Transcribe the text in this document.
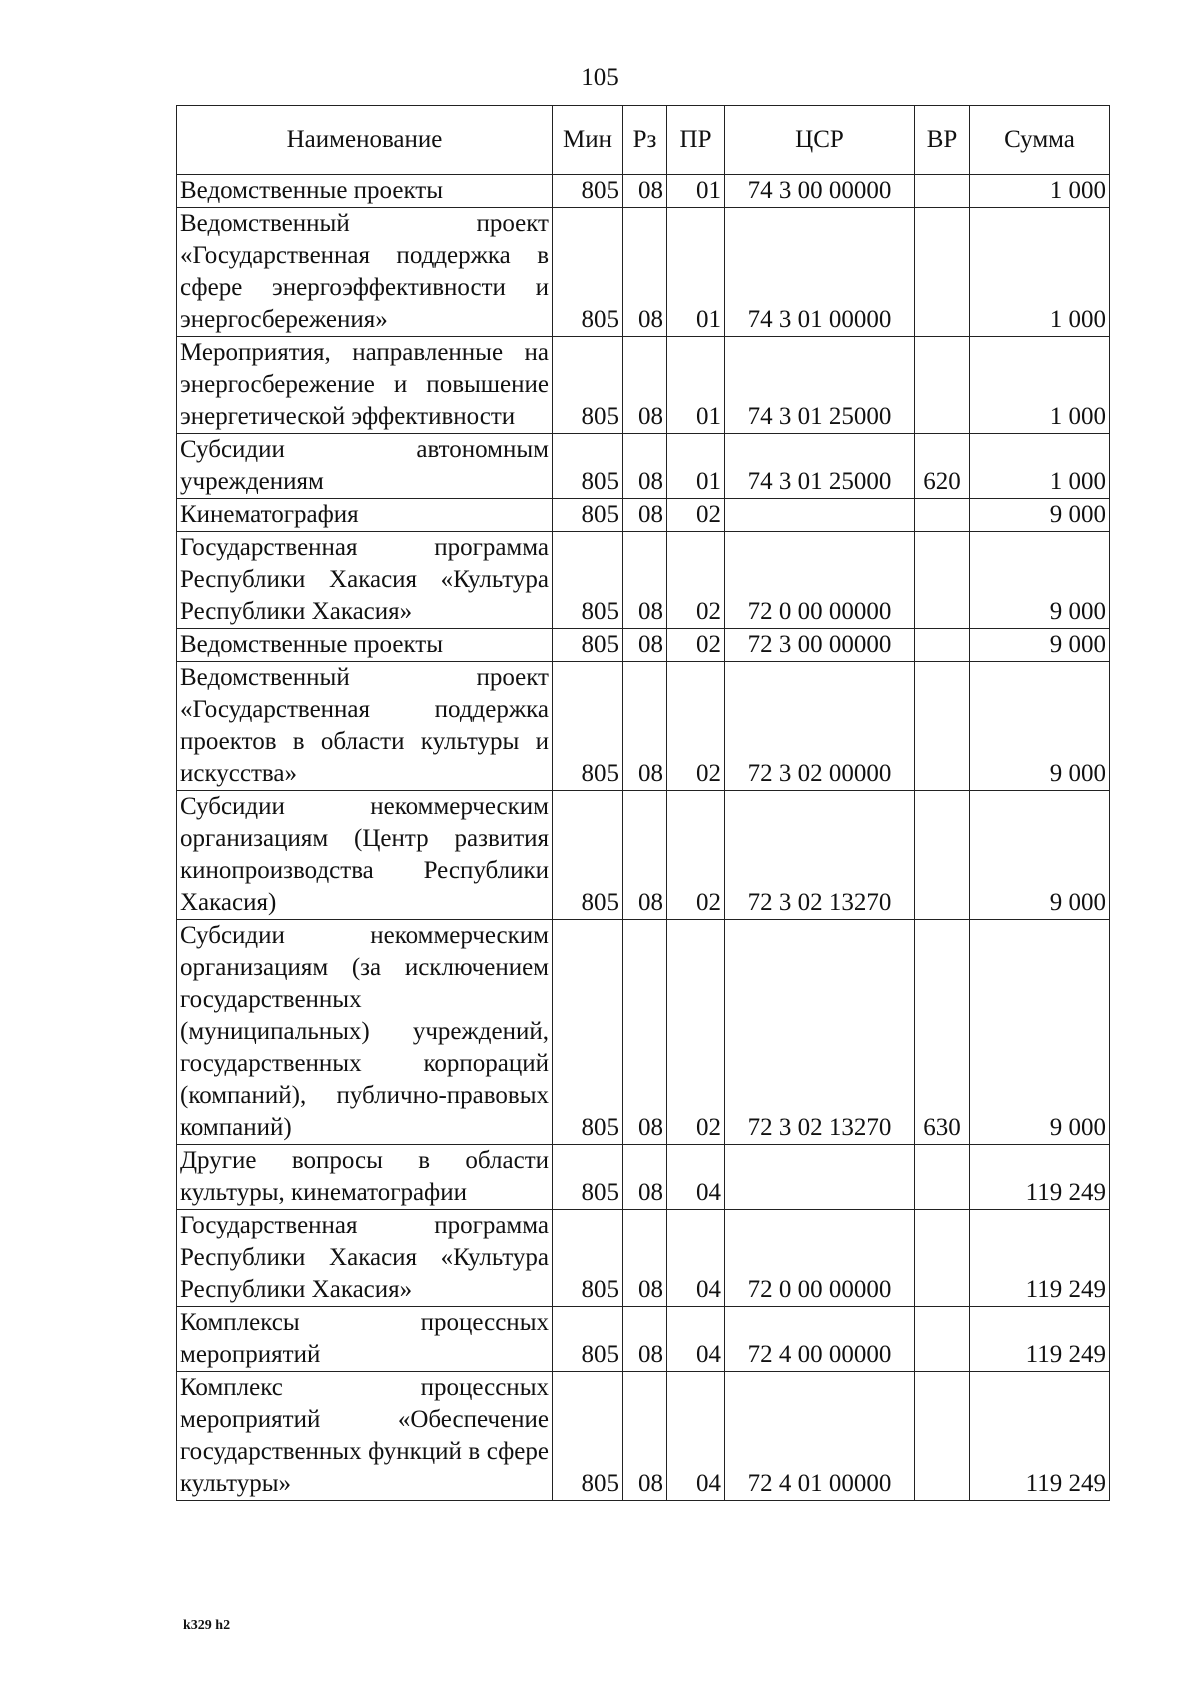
105
Наименование	Мин	Рз	ПР	ЦСР	ВР	Сумма
Ведомственные проекты	805	08	01	74 3 00 00000		1 000
Ведомственный проект «Государственная поддержка в сфере энергоэффективности и энергосбережения»	805	08	01	74 3 01 00000		1 000
Мероприятия, направленные на энергосбережение и повышение энергетической эффективности	805	08	01	74 3 01 25000		1 000
Субсидии автономным учреждениям	805	08	01	74 3 01 25000	620	1 000
Кинематография	805	08	02			9 000
Государственная программа Республики Хакасия «Культура Республики Хакасия»	805	08	02	72 0 00 00000		9 000
Ведомственные проекты	805	08	02	72 3 00 00000		9 000
Ведомственный проект «Государственная поддержка проектов в области культуры и искусства»	805	08	02	72 3 02 00000		9 000
Субсидии некоммерческим организациям (Центр развития кинопроизводства Республики Хакасия)	805	08	02	72 3 02 13270		9 000
Субсидии некоммерческим организациям (за исключением государственных (муниципальных) учреждений, государственных корпораций (компаний), публично-правовых компаний)	805	08	02	72 3 02 13270	630	9 000
Другие вопросы в области культуры, кинематографии	805	08	04			119 249
Государственная программа Республики Хакасия «Культура Республики Хакасия»	805	08	04	72 0 00 00000		119 249
Комплексы процессных мероприятий	805	08	04	72 4 00 00000		119 249
Комплекс процессных мероприятий «Обеспечение государственных функций в сфере культуры»	805	08	04	72 4 01 00000		119 249
k329 h2
